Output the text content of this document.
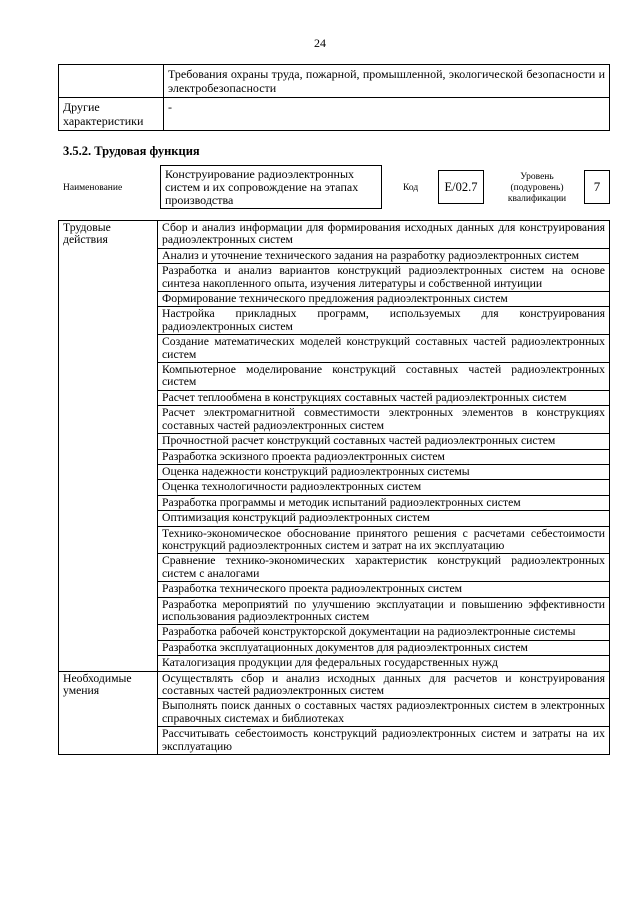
24
	Требования охраны труда, пожарной, промышленной, экологической безопасности и электробезопасности
Другие характеристики	-
3.5.2. Трудовая функция
Наименование
Конструирование радиоэлектронных систем и их сопровождение на этапах производства
Код	E/02.7
Уровень (подуровень) квалификации
7
Трудовые действия	Сбор и анализ информации для формирования исходных данных для конструирования радиоэлектронных систем
	Анализ и уточнение технического задания на разработку радиоэлектронных систем
	Разработка и анализ вариантов конструкций радиоэлектронных систем на основе синтеза накопленного опыта, изучения литературы и собственной интуиции
	Формирование технического предложения радиоэлектронных систем
	Настройка прикладных программ, используемых для конструирования радиоэлектронных систем
	Создание математических моделей конструкций составных частей радиоэлектронных систем
	Компьютерное моделирование конструкций составных частей радиоэлектронных систем
	Расчет теплообмена в конструкциях составных частей радиоэлектронных систем
	Расчет электромагнитной совместимости электронных элементов в конструкциях составных частей радиоэлектронных систем
	Прочностной расчет конструкций составных частей радиоэлектронных систем
	Разработка эскизного проекта радиоэлектронных систем
	Оценка надежности конструкций радиоэлектронных системы
	Оценка технологичности радиоэлектронных систем
	Разработка программы и методик испытаний радиоэлектронных систем
	Оптимизация конструкций радиоэлектронных систем
	Технико-экономическое обоснование принятого решения с расчетами себестоимости конструкций радиоэлектронных систем и затрат на их эксплуатацию
	Сравнение технико-экономических характеристик конструкций радиоэлектронных систем с аналогами
	Разработка технического проекта радиоэлектронных систем
	Разработка мероприятий по улучшению эксплуатации и повышению эффективности использования радиоэлектронных систем
	Разработка рабочей конструкторской документации на радиоэлектронные системы
	Разработка эксплуатационных документов для радиоэлектронных систем
	Каталогизация продукции для федеральных государственных нужд
Необходимые умения	Осуществлять сбор и анализ исходных данных для расчетов и конструирования составных частей радиоэлектронных систем
	Выполнять поиск данных о составных частях радиоэлектронных систем в электронных справочных системах и библиотеках
	Рассчитывать себестоимость конструкций радиоэлектронных систем и затраты на их эксплуатацию
